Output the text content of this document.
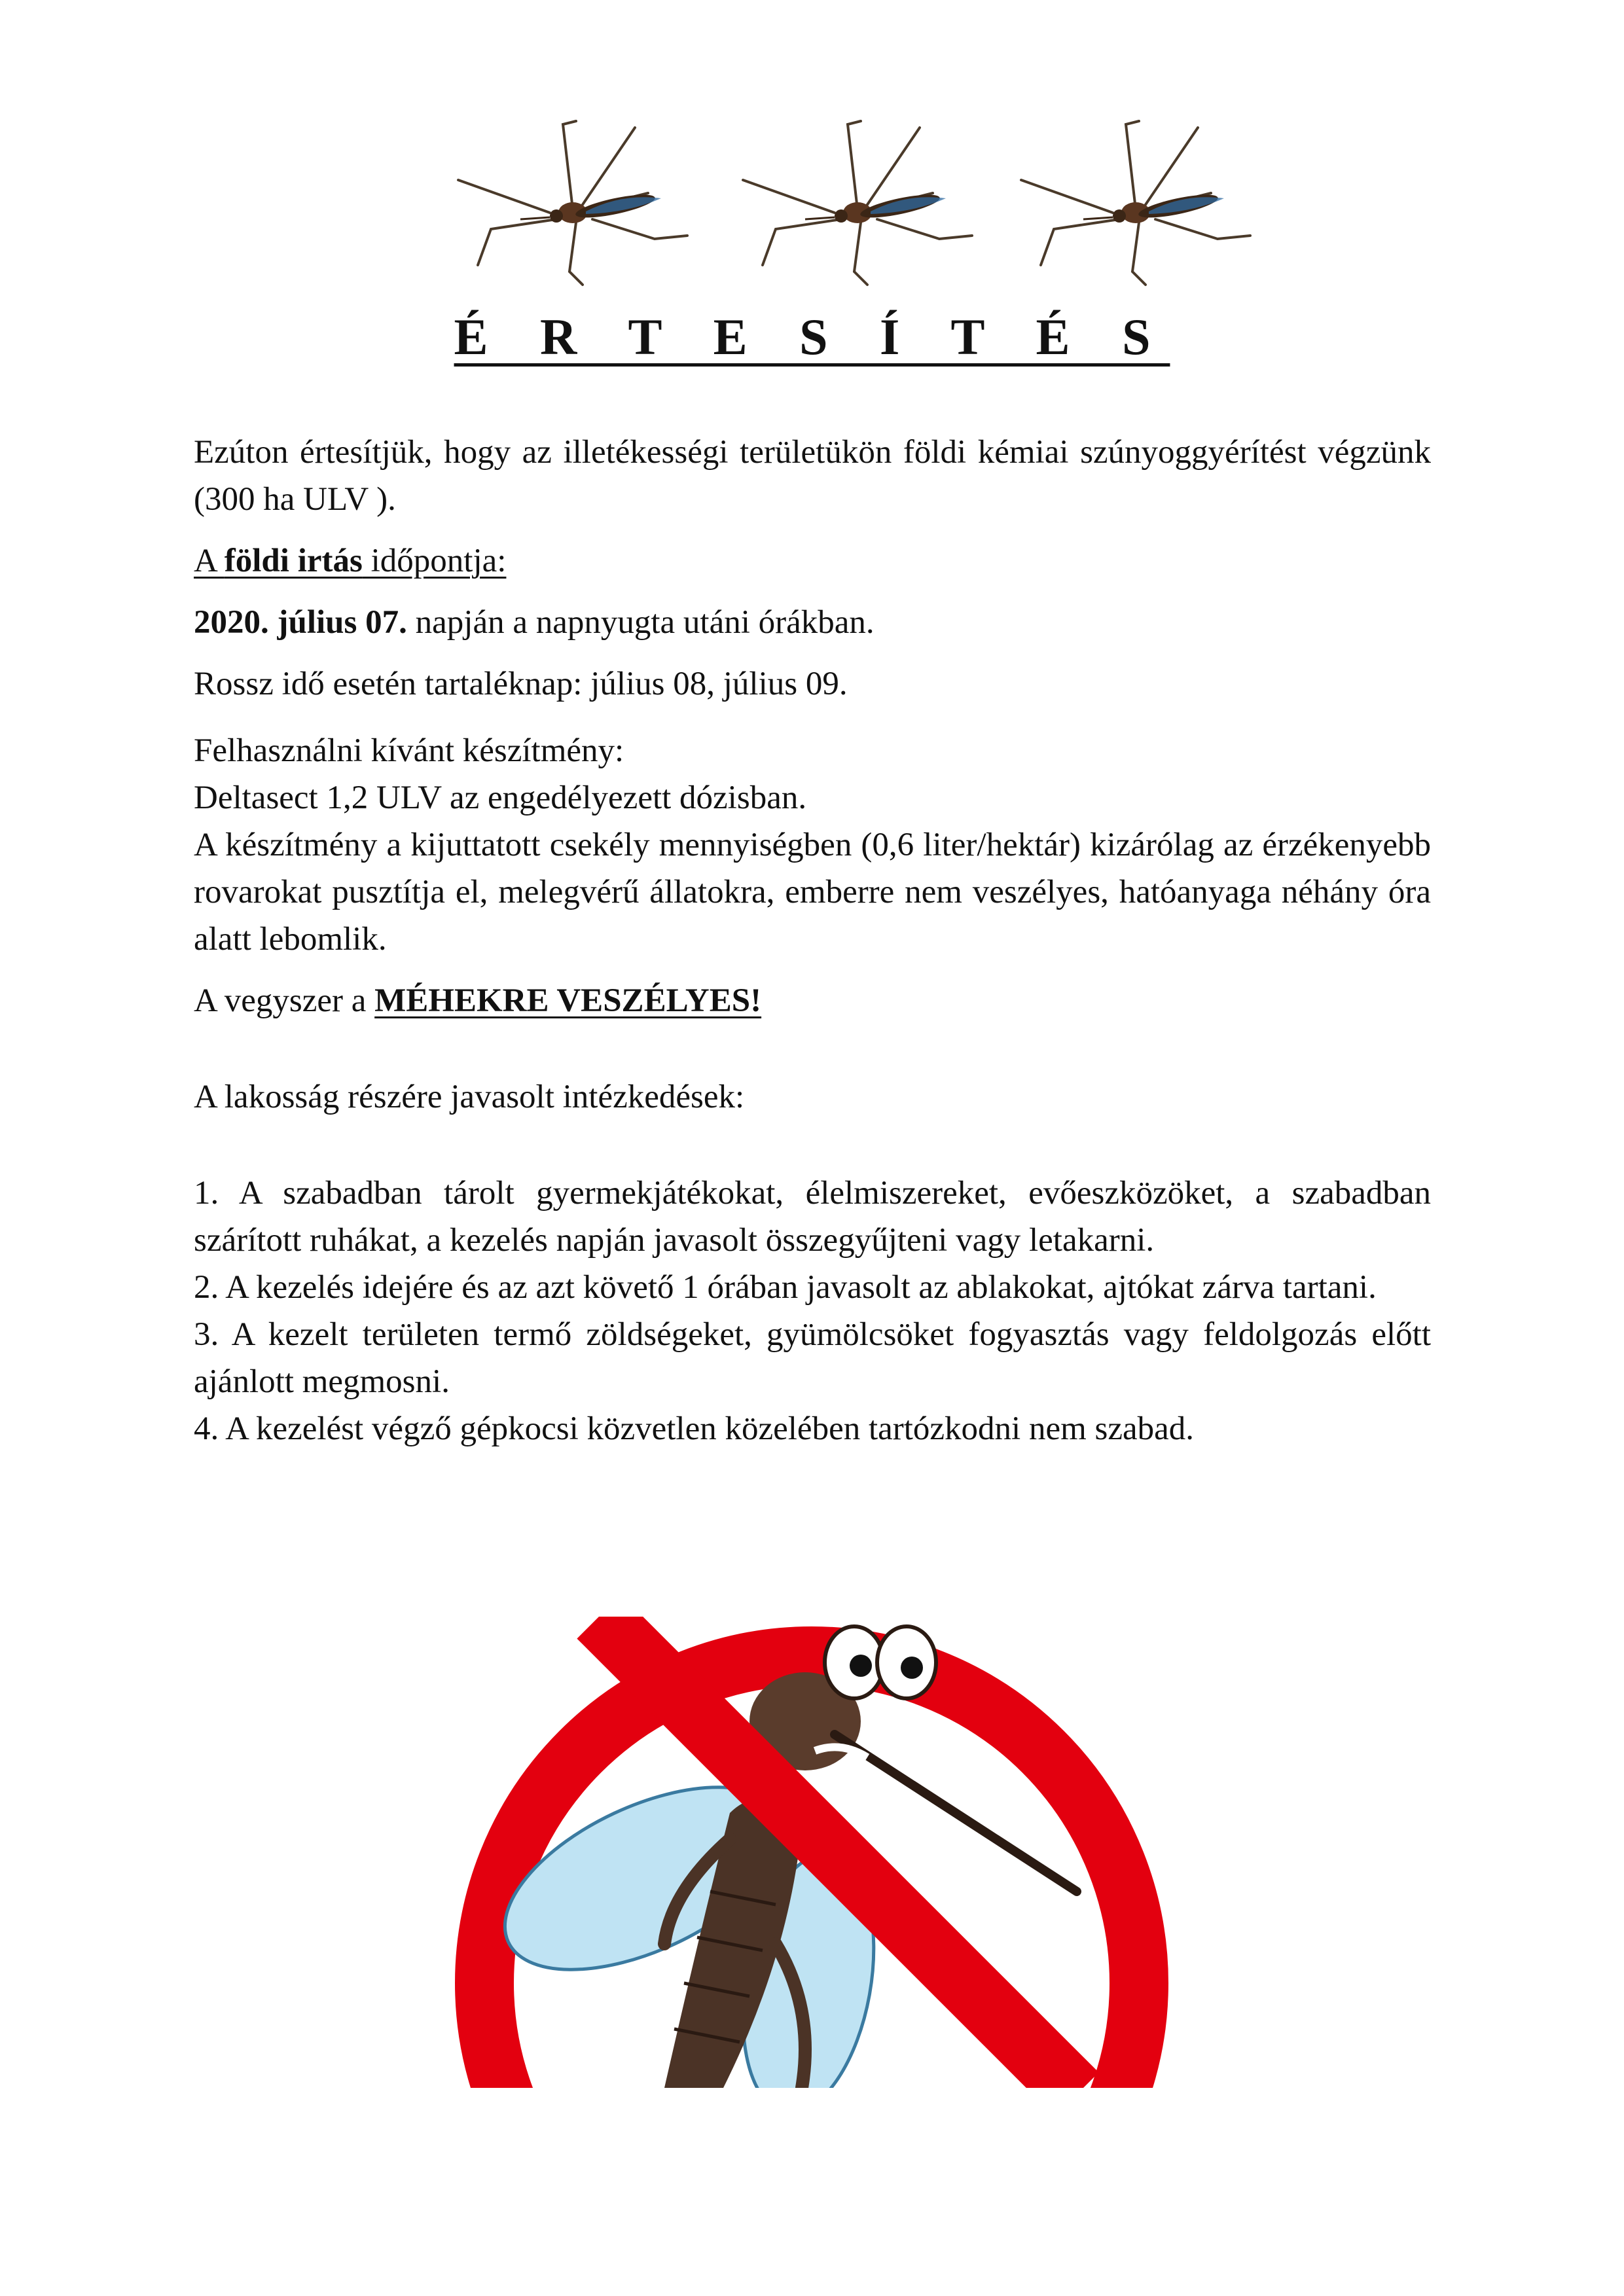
É R T E S Í T É S

Ezúton értesítjük, hogy az illetékességi területükön földi kémiai szúnyoggyérítést végzünk (300 ha ULV ).

A földi irtás időpontja:

2020. július 07. napján a napnyugta utáni órákban.

Rossz idő esetén tartaléknap: július 08, július 09.

Felhasználni kívánt készítmény:

Deltasect 1,2 ULV az engedélyezett dózisban.

A készítmény a kijuttatott csekély mennyiségben (0,6 liter/hektár) kizárólag az érzékenyebb rovarokat pusztítja el, melegvérű állatokra, emberre nem veszélyes, hatóanyaga néhány óra alatt lebomlik.

A vegyszer a MÉHEKRE VESZÉLYES!

A lakosság részére javasolt intézkedések:

1. A szabadban tárolt gyermekjátékokat, élelmiszereket, evőeszközöket, a szabadban szárított ruhákat, a kezelés napján javasolt összegyűjteni vagy letakarni.

2. A kezelés idejére és az azt követő 1 órában javasolt az ablakokat, ajtókat zárva tartani.

3. A kezelt területen termő zöldségeket, gyümölcsöket fogyasztás vagy feldolgozás előtt ajánlott megmosni.

4. A kezelést végző gépkocsi közvetlen közelében tartózkodni nem szabad.
